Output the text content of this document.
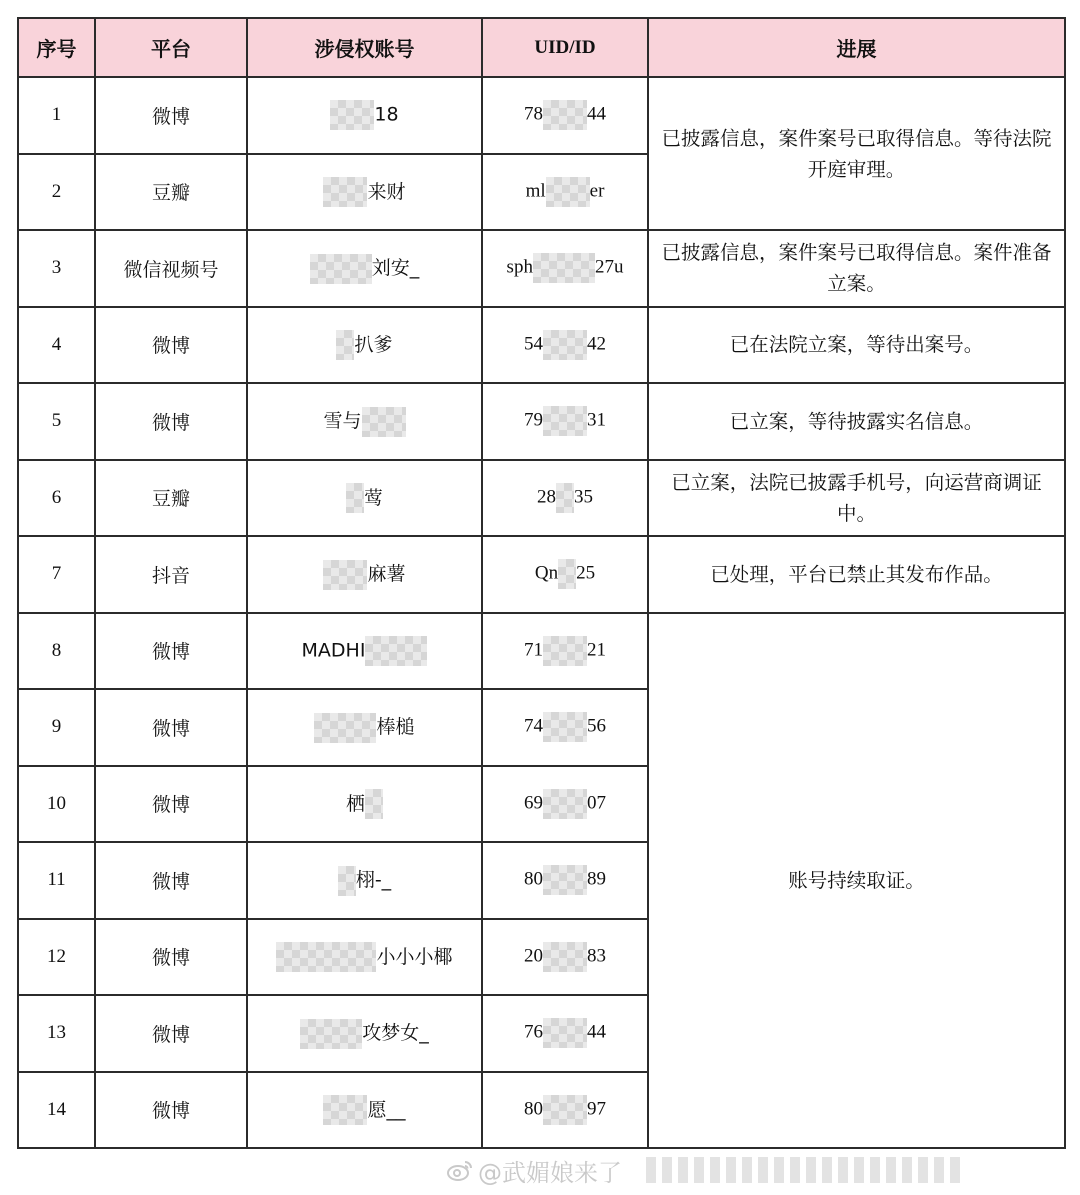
序号	平台	涉侵权账号	UID/ID	进展
1	微博	18	78 44	已披露信息，案件案号已取得信息。等待法院开庭审理。
2	豆瓣	来财	ml er	
3	微信视频号	刘安_	sph 27u	已披露信息，案件案号已取得信息。案件准备立案。
4	微博	扒爹	54 42	已在法院立案，等待出案号。
5	微博	雪与	79 31	已立案，等待披露实名信息。
6	豆瓣	莺	28 35	已立案，法院已披露手机号，向运营商调证中。
7	抖音	麻薯	Qn 25	已处理，平台已禁止其发布作品。
8	微博	MADHI	71 21	账号持续取证。
9	微博	棒槌	74 56	
10	微博	栖	69 07	
11	微博	栩-_	80 89	
12	微博	小小小椰	20 83	
13	微博	攻梦女_	76 44	
14	微博	愿__	80 97	
@武媚娘来了
